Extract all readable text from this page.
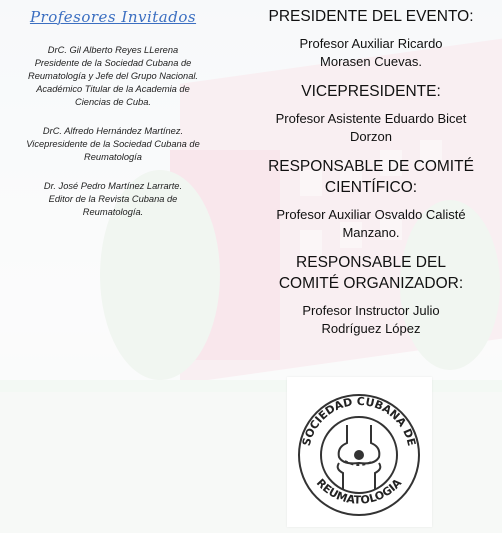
Profesores Invitados

DrC. Gil Alberto Reyes LLerena
Presidente de la Sociedad Cubana de
Reumatología y Jefe del Grupo Nacional.
Académico Titular de la Academia de
Ciencias de Cuba.

DrC. Alfredo Hernández Martínez.
Vicepresidente de la Sociedad Cubana de
Reumatología

Dr. José Pedro Martínez Larrarte.
Editor de la Revista Cubana de
Reumatología.

PRESIDENTE DEL EVENTO:

Profesor Auxiliar Ricardo
Morasen Cuevas.

VICEPRESIDENTE:

Profesor Asistente Eduardo Bicet
Dorzon

RESPONSABLE DE COMITÉ
CIENTÍFICO:

Profesor Auxiliar Osvaldo Calisté
Manzano.

RESPONSABLE DEL
COMITÉ ORGANIZADOR:

Profesor Instructor Julio
Rodríguez López

SOCIEDAD CUBANA DE
REUMATOLOGIA
